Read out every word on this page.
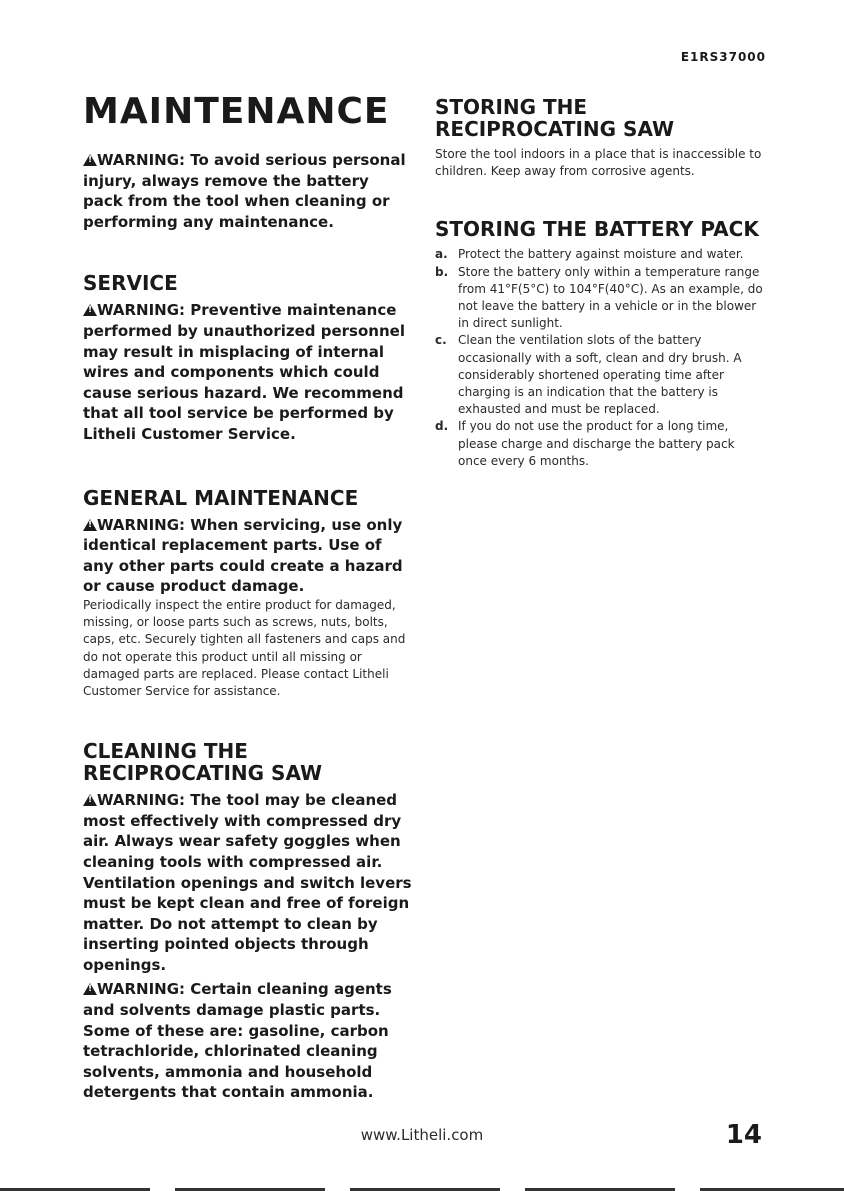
E1RS37000
MAINTENANCE

!WARNING: To avoid serious personal injury, always remove the battery pack from the tool when cleaning or performing any maintenance.

SERVICE

!WARNING: Preventive maintenance performed by unauthorized personnel may result in misplacing of internal wires and components which could cause serious hazard. We recommend that all tool service be performed by Litheli Customer Service.

GENERAL MAINTENANCE

!WARNING: When servicing, use only identical replacement parts. Use of any other parts could create a hazard or cause product damage.

Periodically inspect the entire product for damaged, missing, or loose parts such as screws, nuts, bolts, caps, etc. Securely tighten all fasteners and caps and do not operate this product until all missing or damaged parts are replaced. Please contact Litheli Customer Service for assistance.

CLEANING THE
RECIPROCATING SAW

!WARNING: The tool may be cleaned most effectively with compressed dry air. Always wear safety goggles when cleaning tools with compressed air. Ventilation openings and switch levers must be kept clean and free of foreign matter. Do not attempt to clean by inserting pointed objects through openings.

!WARNING: Certain cleaning agents and solvents damage plastic parts. Some of these are: gasoline, carbon tetrachloride, chlorinated cleaning solvents, ammonia and household detergents that contain ammonia.

STORING THE
RECIPROCATING SAW

Store the tool indoors in a place that is inaccessible to children. Keep away from corrosive agents.

STORING THE BATTERY PACK
a. Protect the battery against moisture and water.
b. Store the battery only within a temperature range from 41°F(5°C) to 104°F(40°C). As an example, do not leave the battery in a vehicle or in the blower in direct sunlight.
c. Clean the ventilation slots of the battery occasionally with a soft, clean and dry brush. A considerably shortened operating time after charging is an indication that the battery is exhausted and must be replaced.
d. If you do not use the product for a long time, please charge and discharge the battery pack once every 6 months.
www.Litheli.com	14
